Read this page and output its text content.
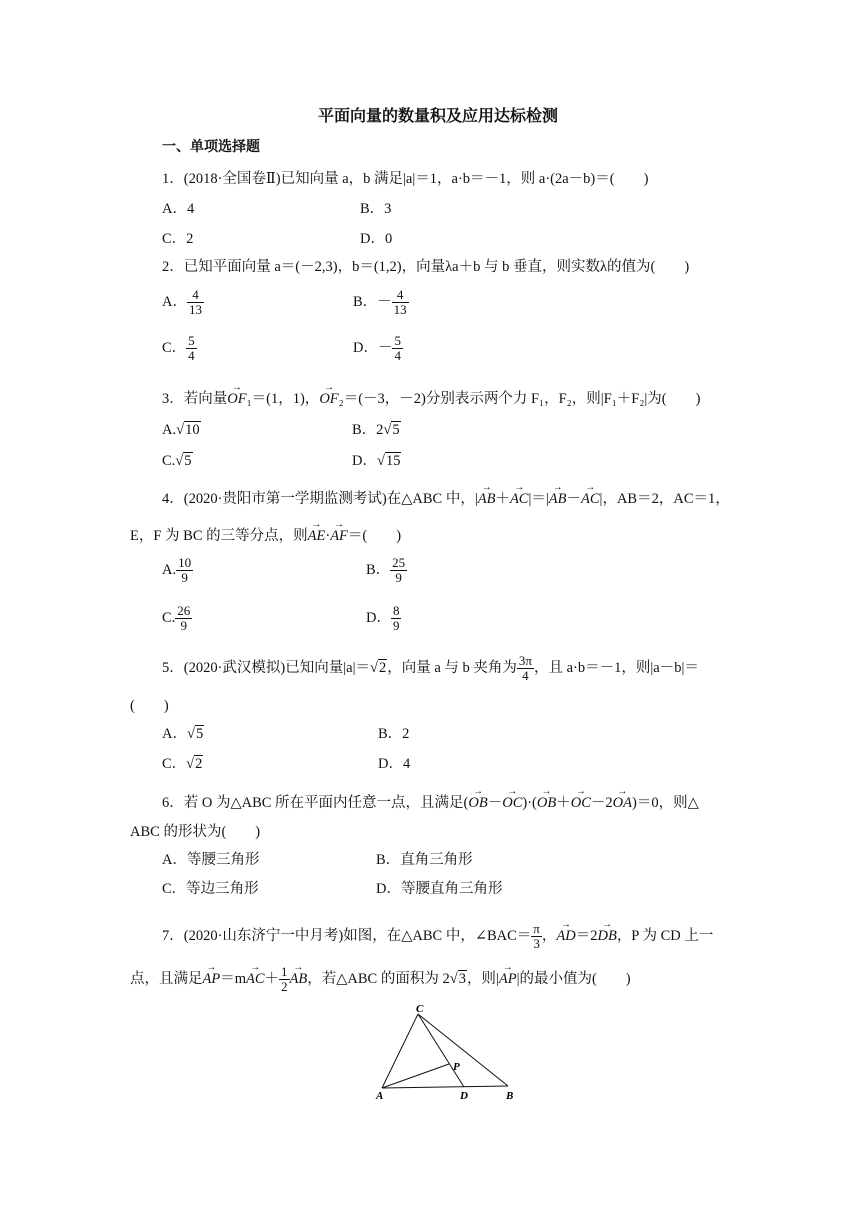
平面向量的数量积及应用达标检测
一、单项选择题
1．(2018·全国卷Ⅱ)已知向量 a，b 满足|a|＝1，a·b＝－1，则 a·(2a－b)＝(　　)
A．4	B．3
C．2	D．0
2．已知平面向量 a＝(－2,3)，b＝(1,2)，向量λa＋b 与 b 垂直，则实数λ的值为(　　)
A． $\frac{4}{13}$	B．－ $\frac{4}{13}$
C． $\frac{5}{4}$	D．－ $\frac{5}{4}$
3．若向量→ OF₁＝(1，1)，→ OF₂＝(－3，－2)分别表示两个力 F₁，F₂，则|F₁＋F₂|为(　　)
A.√10	B．2√5
C.√5	D．√15
4．(2020·贵阳市第一学期监测考试)在△ABC 中，|→ AB＋→ AC|＝|→ AB－→ AC|，AB＝2，AC＝1，
E，F 为 BC 的三等分点，则→ AE·→ AF＝(　　)
A. $\frac{10}{9}$	B． $\frac{25}{9}$
C. $\frac{26}{9}$	D． $\frac{8}{9}$
5．(2020·武汉模拟)已知向量|a|＝√2，向量 a 与 b 夹角为 $\frac{3\pi}{4}$ ，且 a·b＝－1，则|a－b|＝
(　　)
A．√5	B．2
C．√2	D．4
6．若 O 为△ABC 所在平面内任意一点，且满足(→ OB－→ OC)·(→ OB＋→ OC－2→ OA)＝0，则△
ABC 的形状为(　　)
A．等腰三角形	B．直角三角形
C．等边三角形	D．等腰直角三角形
7．(2020·山东济宁一中月考)如图，在△ABC 中，∠BAC＝ $\frac{\pi}{3}$ ，→ AD＝2→ DB，P 为 CD 上一
点，且满足→ $AP=m\to AC+ \frac{1}{2}$
→ AB，若△ABC 的面积为 2√3，则|→ AP|的最小值为(　　)
C
P
A	D	B
